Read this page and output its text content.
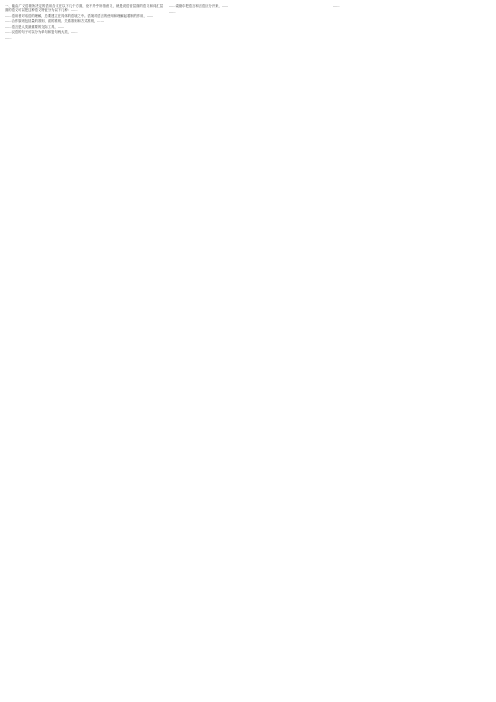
一、能由广义语境所决定的语用含义在以下几个方面，论不外乎所指意义，就是说语音层面的语义和词汇层面的语义可以把这种语义特征分为以下几种：……

……语用者对话语的理解，总要建立在具体的语境之中。语境对语言的使用和理解起着制约作用，……

……合作原则包括量的准则、质的准则、关系准则和方式准则，……

……语言是人类最重要的交际工具，……

……汉语的句子可以分为单句和复句两大类，……

……

……索绪尔把语言和言语区分开来，……

……

……
